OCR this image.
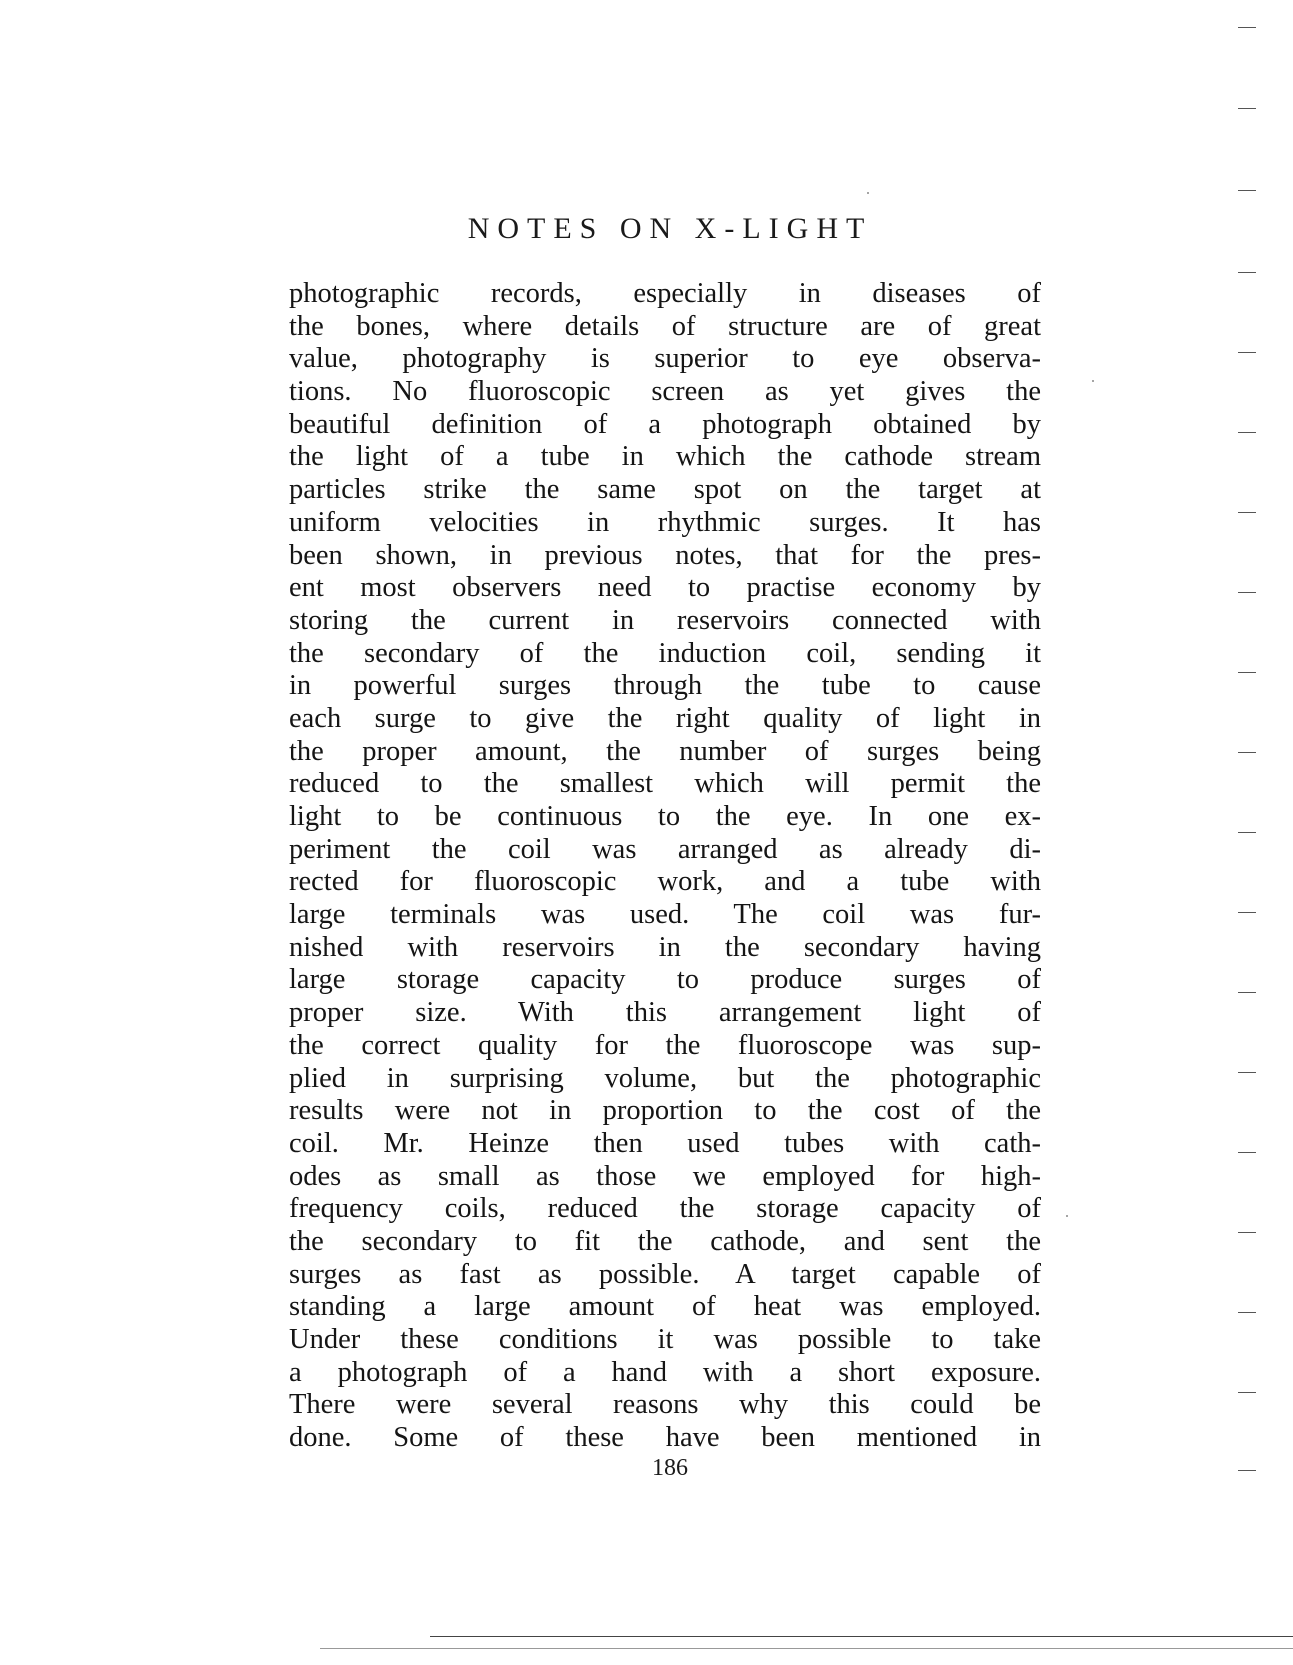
NOTES ON X-LIGHT
photographic records, especially in diseases of
the bones, where details of structure are of great
value, photography is superior to eye observa-
tions. No fluoroscopic screen as yet gives the
beautiful definition of a photograph obtained by
the light of a tube in which the cathode stream
particles strike the same spot on the target at
uniform velocities in rhythmic surges. It has
been shown, in previous notes, that for the pres-
ent most observers need to practise economy by
storing the current in reservoirs connected with
the secondary of the induction coil, sending it
in powerful surges through the tube to cause
each surge to give the right quality of light in
the proper amount, the number of surges being
reduced to the smallest which will permit the
light to be continuous to the eye. In one ex-
periment the coil was arranged as already di-
rected for fluoroscopic work, and a tube with
large terminals was used. The coil was fur-
nished with reservoirs in the secondary having
large storage capacity to produce surges of
proper size. With this arrangement light of
the correct quality for the fluoroscope was sup-
plied in surprising volume, but the photographic
results were not in proportion to the cost of the
coil. Mr. Heinze then used tubes with cath-
odes as small as those we employed for high-
frequency coils, reduced the storage capacity of
the secondary to fit the cathode, and sent the
surges as fast as possible. A target capable of
standing a large amount of heat was employed.
Under these conditions it was possible to take
a photograph of a hand with a short exposure.
There were several reasons why this could be
done. Some of these have been mentioned in
186
